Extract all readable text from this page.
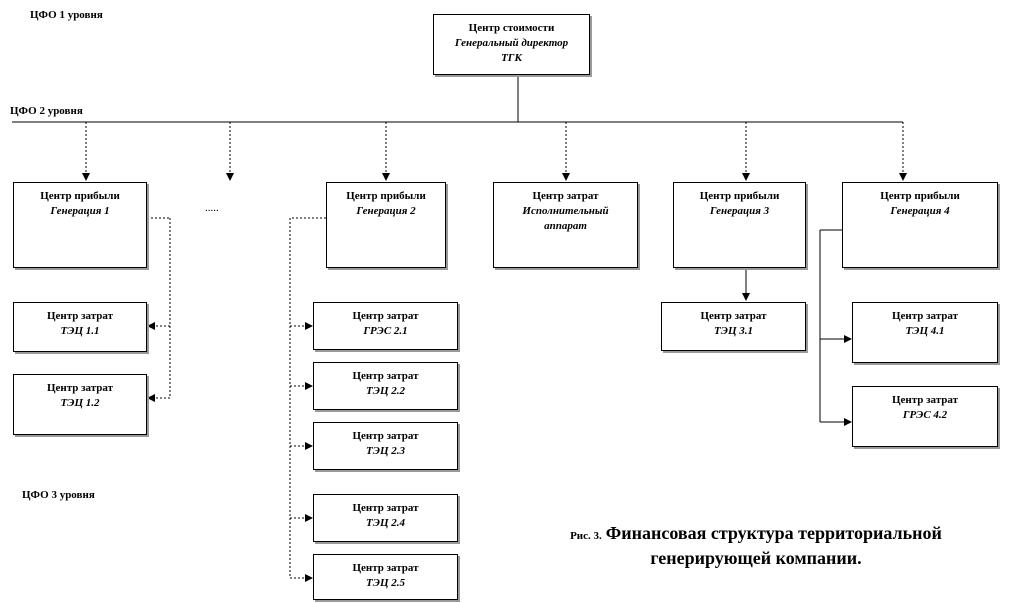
ЦФО 1 уровня
ЦФО 2 уровня
ЦФО 3 уровня
Центр стоимости
Генеральный директор
ТГК
Центр прибыли
Генерация 1	.....
Центр прибыли
Генерация 2
Центр затрат
Исполнительный
аппарат
Центр прибыли
Генерация 3
Центр прибыли
Генерация 4
Центр затрат
ТЭЦ 1.1
Центр затрат
ТЭЦ 1.2
Центр затрат
ГРЭС 2.1
Центр затрат
ТЭЦ 2.2
Центр затрат
ТЭЦ 2.3
Центр затрат
ТЭЦ 2.4
Центр затрат
ТЭЦ 2.5
Центр затрат
ТЭЦ 3.1
Центр затрат
ТЭЦ 4.1
Центр затрат
ГРЭС 4.2
Рис. 3. Финансовая структура территориальной
генерирующей компании.
